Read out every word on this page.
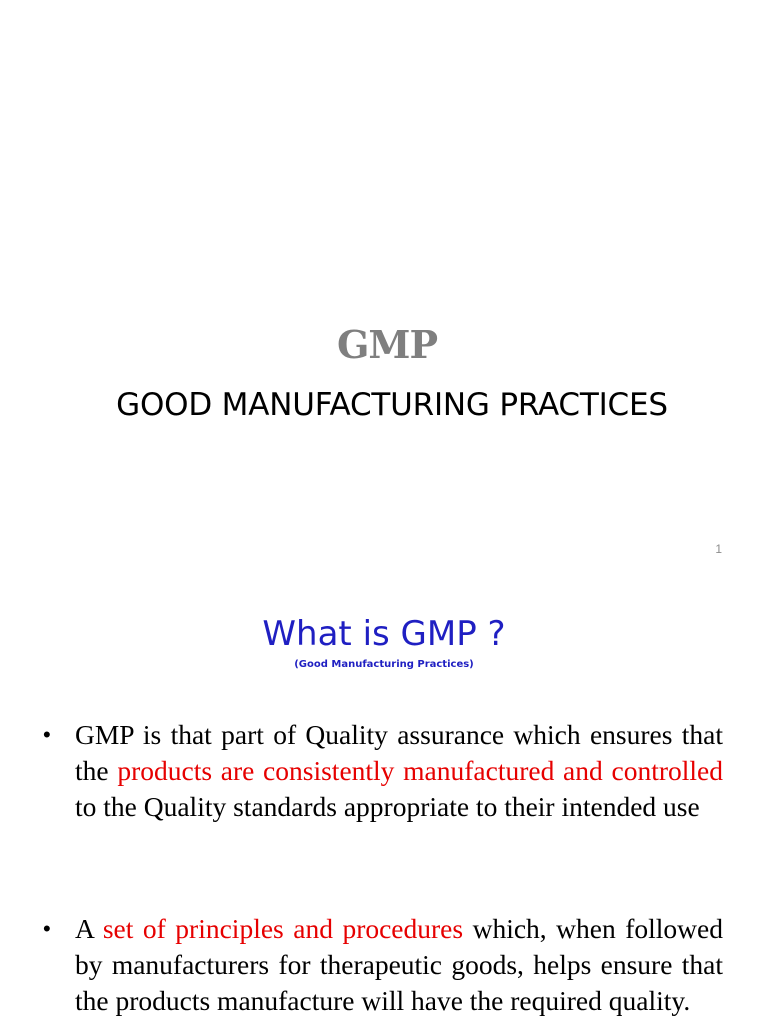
GMP
GOOD MANUFACTURING PRACTICES
1
What is GMP ?
(Good Manufacturing Practices)
• GMP is that part of Quality assurance which ensures that the products are consistently manufactured and controlled to the Quality standards appropriate to their intended use
• A set of principles and procedures which, when followed by manufacturers for therapeutic goods, helps ensure that the products manufacture will have the required quality.
